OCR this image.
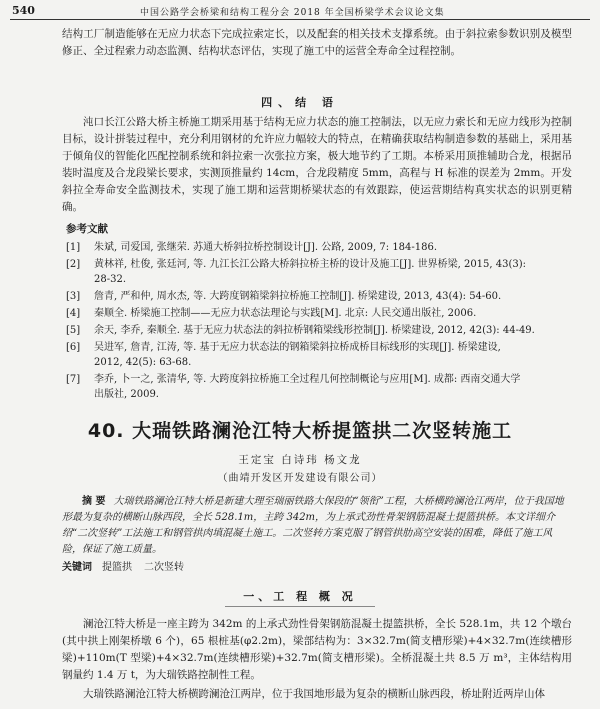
540	中国公路学会桥梁和结构工程分会 2018 年全国桥梁学术会议论文集
结构工厂制造能够在无应力状态下完成拉索定长，以及配套的相关技术支撑系统。由于斜拉索参数识别及模型修正、全过程索力动态监测、结构状态评估，实现了施工中的运营全寿命全过程控制。
四、结 语
沌口长江公路大桥主桥施工期采用基于结构无应力状态的施工控制法，以无应力索长和无应力线形为控制目标，设计拼装过程中，充分利用钢材的允许应力幅较大的特点，在精确获取结构制造参数的基础上，采用基于倾角仪的智能化匹配控制系统和斜拉索一次张拉方案，极大地节约了工期。本桥采用顶推辅助合龙，根据吊装时温度及合龙段梁长要求，实测顶推量约 14cm，合龙段精度 5mm，高程与 H 标准的误差为 2mm。开发斜拉全寿命安全监测技术，实现了施工期和运营期桥梁状态的有效跟踪，使运营期结构真实状态的识别更精确。
参考文献
[1] 朱斌, 司爱国, 张继荣. 苏通大桥斜拉桥控制设计[J]. 公路, 2009, 7: 184-186.
[2] 黄林祥, 杜俊, 张廷河, 等. 九江长江公路大桥斜拉桥主桥的设计及施工[J]. 世界桥梁, 2015, 43(3):
28-32.
[3] 詹青, 严和仲, 周水杰, 等. 大跨度钢箱梁斜拉桥施工控制[J]. 桥梁建设, 2013, 43(4): 54-60.
[4] 秦顺全. 桥梁施工控制——无应力状态法理论与实践[M]. 北京: 人民交通出版社, 2006.
[5] 余天, 李乔, 秦顺全. 基于无应力状态法的斜拉桥钢箱梁线形控制[J]. 桥梁建设, 2012, 42(3): 44-49.
[6] 吴进军, 詹青, 江涛, 等. 基于无应力状态法的钢箱梁斜拉桥成桥目标线形的实现[J]. 桥梁建设,
2012, 42(5): 63-68.
[7] 李乔, 卜一之, 张清华, 等. 大跨度斜拉桥施工全过程几何控制概论与应用[M]. 成都: 西南交通大学
出版社, 2009.
40. 大瑞铁路澜沧江特大桥提篮拱二次竖转施工
王定宝 白诗玮 杨文龙
（曲靖开发区开发建设有限公司）
摘 要 大瑞铁路澜沧江特大桥是新建大理至瑞丽铁路大保段的“领衔”工程，大桥横跨澜沧江两岸，位于我国地形最为复杂的横断山脉西段，全长 528.1m，主跨 342m，为上承式劲性骨架钢筋混凝土提篮拱桥。本文详细介绍“二次竖转”工法施工和钢管拱肉填混凝土施工。二次竖转方案克服了钢管拱肋高空安装的困难，降低了施工风险，保证了施工质量。
关键词 提篮拱 二次竖转
一、工 程 概 况
澜沧江特大桥是一座主跨为 342m 的上承式劲性骨架钢筋混凝土提篮拱桥，全长 528.1m，共 12 个墩台(其中拱上刚架桥墩 6 个)，65 根桩基(φ2.2m)，梁部结构为：3×32.7m(简支槽形梁)+4×32.7m(连续槽形梁)+110m(T 型梁)+4×32.7m(连续槽形梁)+32.7m(简支槽形梁)。全桥混凝土共 8.5 万 m³，主体结构用钢量约 1.4 万 t，为大瑞铁路控制性工程。
大瑞铁路澜沧江特大桥横跨澜沧江两岸，位于我国地形最为复杂的横断山脉西段，桥址附近两岸山体
